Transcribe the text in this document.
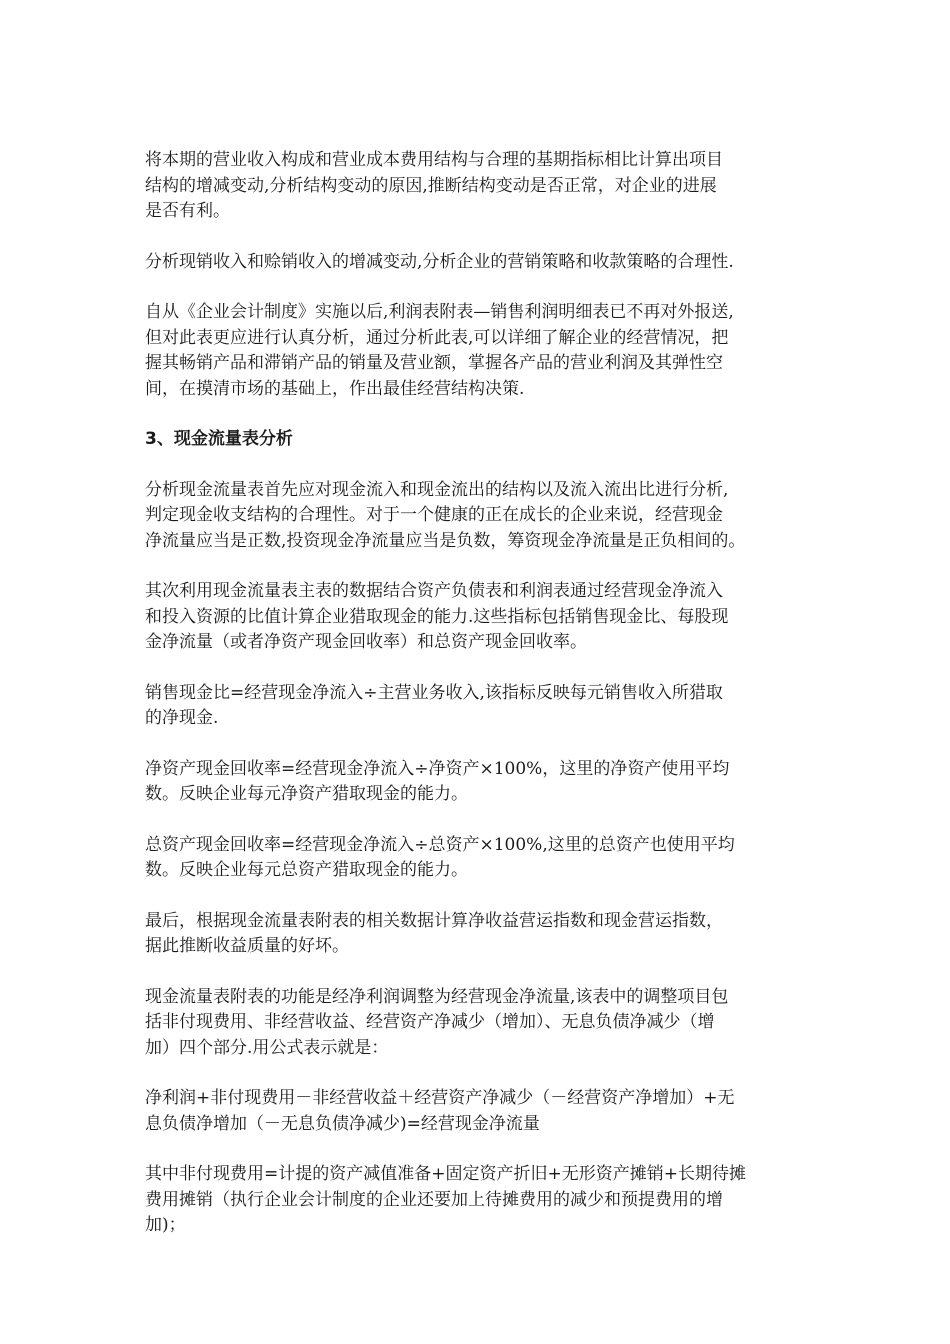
将本期的营业收入构成和营业成本费用结构与合理的基期指标相比计算出项目
结构的增减变动,分析结构变动的原因,推断结构变动是否正常，对企业的进展
是否有利。
分析现销收入和赊销收入的增减变动,分析企业的营销策略和收款策略的合理性.
自从《企业会计制度》实施以后,利润表附表—销售利润明细表已不再对外报送,
但对此表更应进行认真分析，通过分析此表,可以详细了解企业的经营情况，把
握其畅销产品和滞销产品的销量及营业额，掌握各产品的营业利润及其弹性空
间，在摸清市场的基础上，作出最佳经营结构决策.
3、现金流量表分析
分析现金流量表首先应对现金流入和现金流出的结构以及流入流出比进行分析,
判定现金收支结构的合理性。对于一个健康的正在成长的企业来说，经营现金
净流量应当是正数,投资现金净流量应当是负数，筹资现金净流量是正负相间的。
其次利用现金流量表主表的数据结合资产负债表和利润表通过经营现金净流入
和投入资源的比值计算企业猎取现金的能力.这些指标包括销售现金比、每股现
金净流量（或者净资产现金回收率）和总资产现金回收率。
销售现金比=经营现金净流入÷主营业务收入,该指标反映每元销售收入所猎取
的净现金.
净资产现金回收率=经营现金净流入÷净资产×100%，这里的净资产使用平均
数。反映企业每元净资产猎取现金的能力。
总资产现金回收率=经营现金净流入÷总资产×100%,这里的总资产也使用平均
数。反映企业每元总资产猎取现金的能力。
最后，根据现金流量表附表的相关数据计算净收益营运指数和现金营运指数，
据此推断收益质量的好坏。
现金流量表附表的功能是经净利润调整为经营现金净流量,该表中的调整项目包
括非付现费用、非经营收益、经营资产净减少（增加）、无息负债净减少（增
加）四个部分.用公式表示就是：
净利润+非付现费用－非经营收益＋经营资产净减少（－经营资产净增加）+无
息负债净增加（－无息负债净减少)=经营现金净流量
其中非付现费用=计提的资产减值准备+固定资产折旧+无形资产摊销+长期待摊
费用摊销（执行企业会计制度的企业还要加上待摊费用的减少和预提费用的增
加)；
